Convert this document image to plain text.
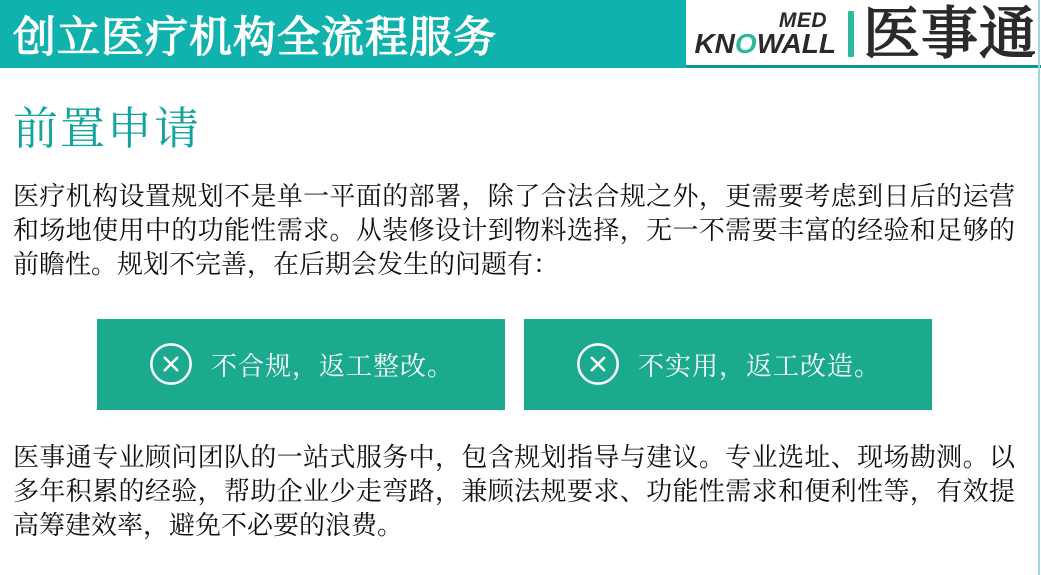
创立医疗机构全流程服务	MED
KNOWALL 医事通
前置申请

医疗机构设置规划不是单一平面的部署，除了合法合规之外，更需要考虑到日后的运营和场地使用中的功能性需求。从装修设计到物料选择，无一不需要丰富的经验和足够的前瞻性。规划不完善，在后期会发生的问题有：

不合规，返工整改。	不实用，返工改造。

医事通专业顾问团队的一站式服务中，包含规划指导与建议。专业选址、现场勘测。以多年积累的经验，帮助企业少走弯路，兼顾法规要求、功能性需求和便利性等，有效提高筹建效率，避免不必要的浪费。
